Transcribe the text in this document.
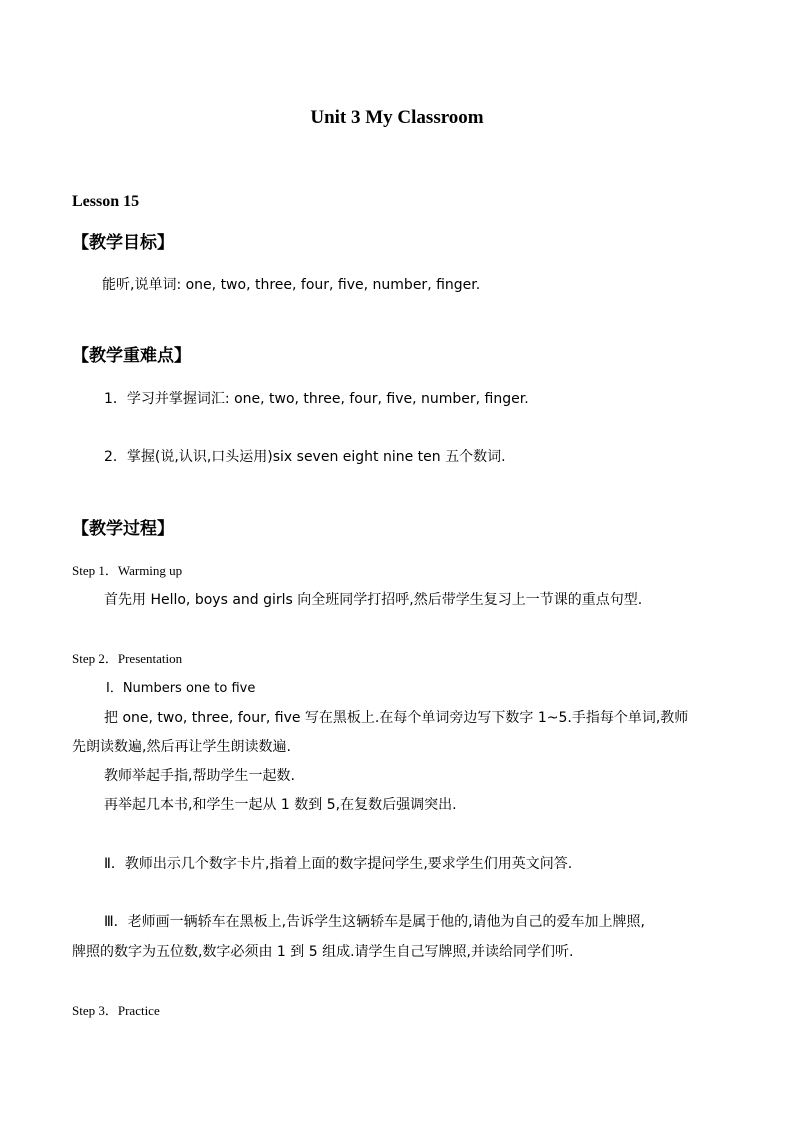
Unit 3 My Classroom
Lesson 15
【教学目标】
能听,说单词: one, two, three, four, five, number, finger.
【教学重难点】
1．学习并掌握词汇: one, two, three, four, five, number, finger.
2．掌握(说,认识,口头运用)six seven eight nine ten 五个数词.
【教学过程】
Step 1．Warming up
首先用 Hello, boys and girls 向全班同学打招呼,然后带学生复习上一节课的重点句型.
Step 2．Presentation
Ⅰ．Numbers one to five
把 one, two, three, four, five 写在黑板上.在每个单词旁边写下数字 1~5.手指每个单词,教师
先朗读数遍,然后再让学生朗读数遍.
教师举起手指,帮助学生一起数.
再举起几本书,和学生一起从 1 数到 5,在复数后强调突出.
Ⅱ．教师出示几个数字卡片,指着上面的数字提问学生,要求学生们用英文问答.
Ⅲ．老师画一辆轿车在黑板上,告诉学生这辆轿车是属于他的,请他为自己的爱车加上牌照,
牌照的数字为五位数,数字必须由 1 到 5 组成.请学生自己写牌照,并读给同学们听.
Step 3．Practice
